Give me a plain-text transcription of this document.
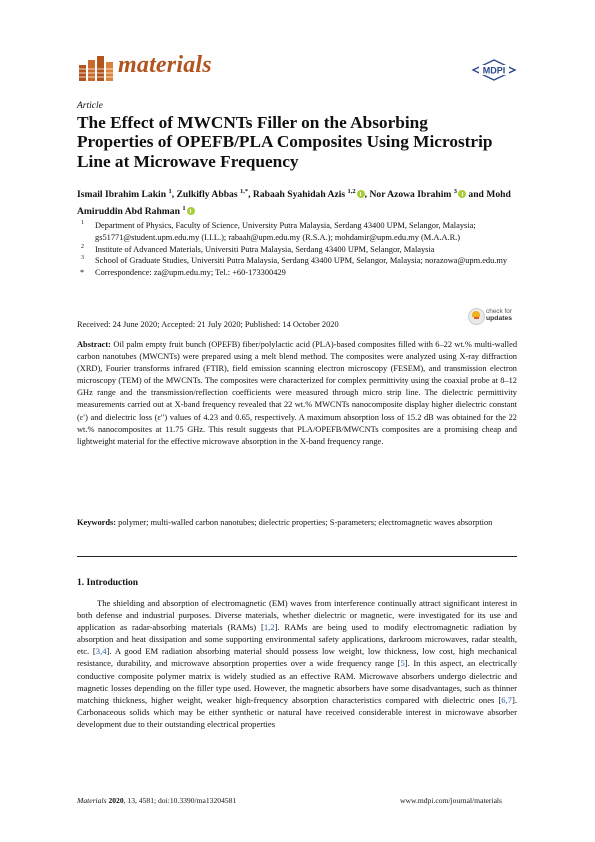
materials	MDPI
Article
The Effect of MWCNTs Filler on the Absorbing Properties of OPEFB/PLA Composites Using Microstrip Line at Microwave Frequency
Ismail Ibrahim Lakin $^1$, Zulkifly Abbas $^{1,*}$, Rabaah Syahidah Azis $^{1,2}$ , Nor Azowa Ibrahim $^3$ and Mohd Amiruddin Abd Rahman $^1$
1 Department of Physics, Faculty of Science, University Putra Malaysia, Serdang 43400 UPM, Selangor, Malaysia; gs51771@student.upm.edu.my (I.I.L.); rabaah@upm.edu.my (R.S.A.); mohdamir@upm.edu.my (M.A.A.R.)
2 Institute of Advanced Materials, Universiti Putra Malaysia, Serdang 43400 UPM, Selangor, Malaysia
3 School of Graduate Studies, Universiti Putra Malaysia, Serdang 43400 UPM, Selangor, Malaysia; norazowa@upm.edu.my
* Correspondence: za@upm.edu.my; Tel.: +60-173300429
check for
updates
Received: 24 June 2020; Accepted: 21 July 2020; Published: 14 October 2020
Abstract: Oil palm empty fruit bunch (OPEFB) fiber/polylactic acid (PLA)-based composites filled with 6–22 wt.% multi-walled carbon nanotubes (MWCNTs) were prepared using a melt blend method. The composites were analyzed using X-ray diffraction (XRD), Fourier transforms infrared (FTIR), field emission scanning electron microscopy (FESEM), and transmission electron microscopy (TEM) of the MWCNTs. The composites were characterized for complex permittivity using the coaxial probe at 8–12 GHz range and the transmission/reflection coefficients were measured through micro strip line. The dielectric permittivity measurements carried out at X-band frequency revealed that 22 wt.% MWCNTs nanocomposite display higher dielectric constant (ε′) and dielectric loss (ε″) values of 4.23 and 0.65, respectively. A maximum absorption loss of 15.2 dB was obtained for the 22 wt.% nanocomposites at 11.75 GHz. This result suggests that PLA/OPEFB/MWCNTs composites are a promising cheap and lightweight material for the effective microwave absorption in the X-band frequency range.
Keywords: polymer; multi-walled carbon nanotubes; dielectric properties; S-parameters; electromagnetic waves absorption
1. Introduction
The shielding and absorption of electromagnetic (EM) waves from interference continually attract significant interest in both defense and industrial purposes. Diverse materials, whether dielectric or magnetic, were investigated for its use and application as radar-absorbing materials (RAMs) [1,2]. RAMs are being used to modify electromagnetic radiation by absorption and heat dissipation and some supporting environmental safety applications, darkroom microwaves, radar stealth, etc. [3,4]. A good EM radiation absorbing material should possess low weight, low thickness, low cost, high mechanical resistance, durability, and microwave absorption properties over a wide frequency range [5]. In this aspect, an electrically conductive composite polymer matrix is widely studied as an effective RAM. Microwave absorbers undergo dielectric and magnetic losses depending on the filler type used. However, the magnetic absorbers have some disadvantages, such as thinner matching thickness, higher weight, weaker high-frequency absorption characteristics compared with dielectric ones [6,7]. Carbonaceous solids which may be either synthetic or natural have received considerable interest in microwave absorber development due to their outstanding electrical properties
Materials 2020, 13, 4581; doi:10.3390/ma13204581	www.mdpi.com/journal/materials
